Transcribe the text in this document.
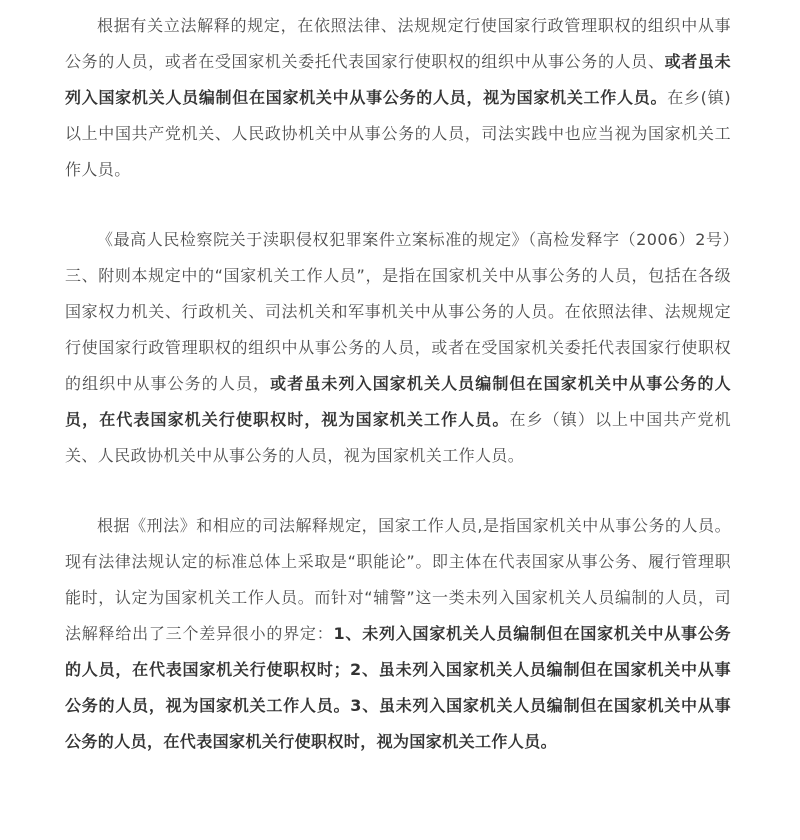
根据有关立法解释的规定，在依照法律、法规规定行使国家行政管理职权的组织中从事公务的人员，或者在受国家机关委托代表国家行使职权的组织中从事公务的人员、或者虽未列入国家机关人员编制但在国家机关中从事公务的人员，视为国家机关工作人员。在乡(镇)以上中国共产党机关、人民政协机关中从事公务的人员，司法实践中也应当视为国家机关工作人员。

《最高人民检察院关于渎职侵权犯罪案件立案标准的规定》（高检发释字（2006）2号）三、附则本规定中的“国家机关工作人员”，是指在国家机关中从事公务的人员，包括在各级国家权力机关、行政机关、司法机关和军事机关中从事公务的人员。在依照法律、法规规定行使国家行政管理职权的组织中从事公务的人员，或者在受国家机关委托代表国家行使职权的组织中从事公务的人员，或者虽未列入国家机关人员编制但在国家机关中从事公务的人员，在代表国家机关行使职权时，视为国家机关工作人员。在乡（镇）以上中国共产党机关、人民政协机关中从事公务的人员，视为国家机关工作人员。

根据《刑法》和相应的司法解释规定，国家工作人员,是指国家机关中从事公务的人员。现有法律法规认定的标准总体上采取是“职能论”。即主体在代表国家从事公务、履行管理职能时，认定为国家机关工作人员。而针对“辅警”这一类未列入国家机关人员编制的人员，司法解释给出了三个差异很小的界定：1、未列入国家机关人员编制但在国家机关中从事公务的人员，在代表国家机关行使职权时；2、虽未列入国家机关人员编制但在国家机关中从事公务的人员，视为国家机关工作人员。3、虽未列入国家机关人员编制但在国家机关中从事公务的人员，在代表国家机关行使职权时，视为国家机关工作人员。
